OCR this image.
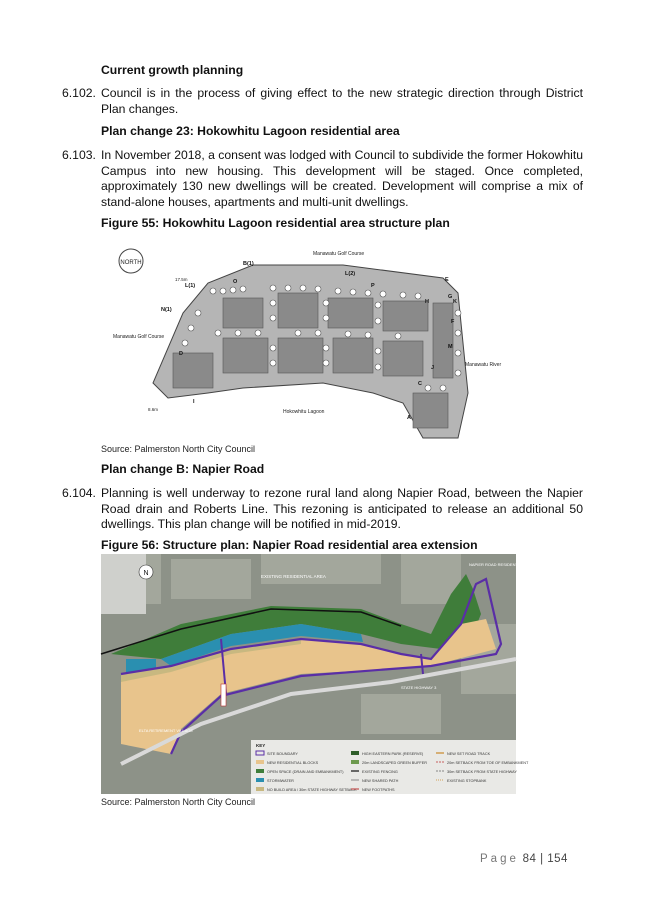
Current growth planning
6.102. Council is in the process of giving effect to the new strategic direction through District Plan changes.
Plan change 23: Hokowhitu Lagoon residential area
6.103. In November 2018, a consent was lodged with Council to subdivide the former Hokowhitu Campus into new housing. This development will be staged. Once completed, approximately 130 new dwellings will be created. Development will comprise a mix of stand-alone houses, apartments and multi-unit dwellings.
Figure 55: Hokowhitu Lagoon residential area structure plan
NORTH
Manawatu Golf Course
Manawatu Golf Course
Manawatu River
Hokowhitu Lagoon
17.5m
8.6m
B(1)
L(2)
L(1)
N(1)
O
P
E
H	K
F
G
D
M
C
J
A
I
Source: Palmerston North City Council
Plan change B: Napier Road
6.104. Planning is well underway to rezone rural land along Napier Road, between the Napier Road drain and Roberts Line. This rezoning is anticipated to release an additional 50 dwellings. This plan change will be notified in mid-2019.
Figure 56: Structure plan: Napier Road residential area extension
N	EXISTING RESIDENTIAL AREA
NAPIER ROAD RESIDENTIAL AREA
STATE HIGHWAY 3
ELTA RETIREMENT VILLAGE
KEY
SITE BOUNDARY
NEW RESIDENTIAL BLOCKS
OPEN SPACE (DRAIN AND EMBANKMENT)
STORMWATER
NO BUILD AREA / 30m STATE HIGHWAY SETBACK
HIGH EASTERN PARK (RESERVE)
20m LANDSCAPED GREEN BUFFER
EXISTING FENCING
NEW SHARED PATH
NEW FOOTPATHS
NEW SET ROAD TRACK
20m SETBACK FROM TOE OF EMBANKMENT
30m SETBACK FROM STATE HIGHWAY
EXISTING STOPBANK
Source: Palmerston North City Council
Page 84 | 154
